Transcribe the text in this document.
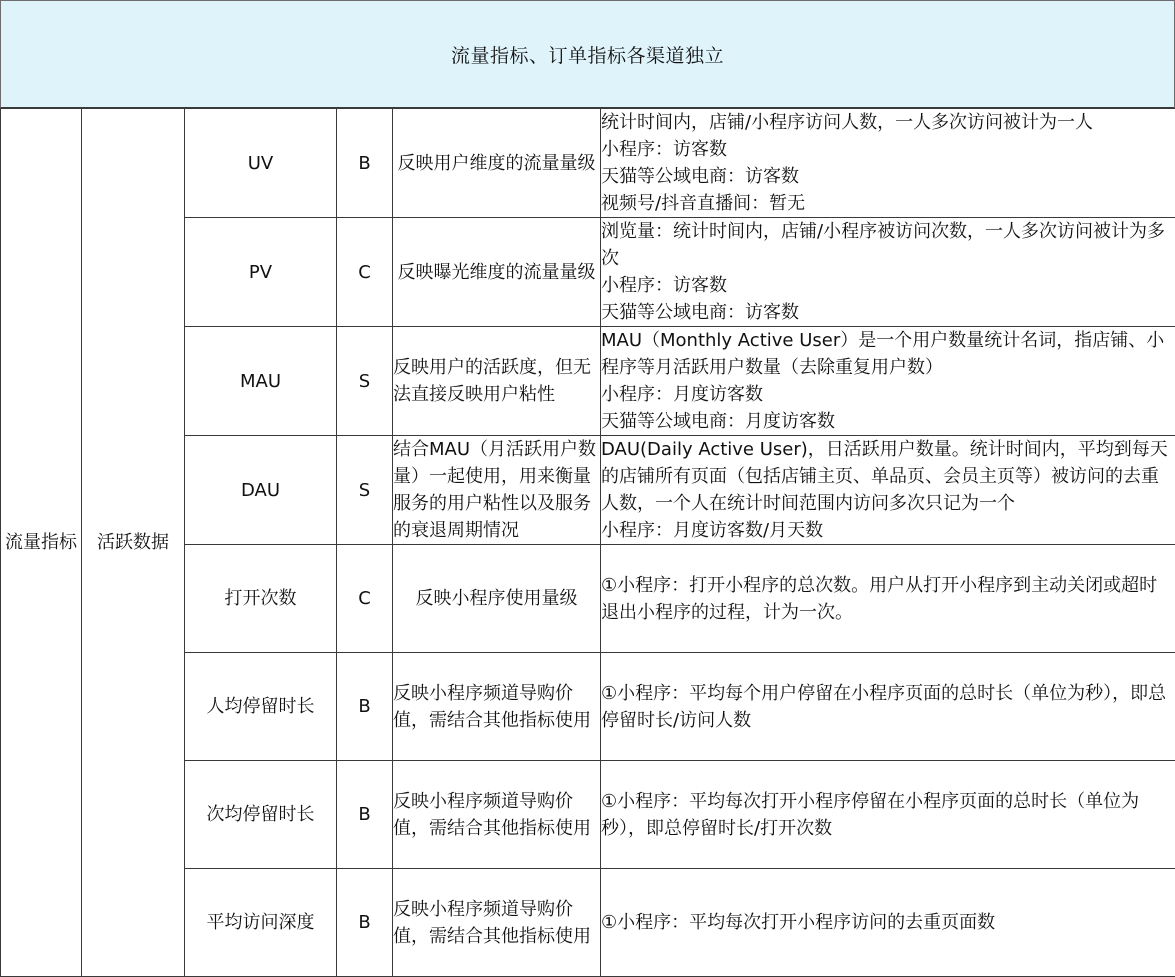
流量指标、订单指标各渠道独立
流量指标	活跃数据	UV	B	反映用户维度的流量量级	统计时间内，店铺/小程序访问人数，一人多次访问被计为一人
小程序：访客数
天猫等公域电商：访客数
视频号/抖音直播间：暂无

		PV	C	反映曝光维度的流量量级	浏览量：统计时间内，店铺/小程序被访问次数，一人多次访问被计为多次
小程序：访客数
天猫等公域电商：访客数

		MAU	S	反映用户的活跃度，但无法直接反映用户粘性	MAU（Monthly Active User）是一个用户数量统计名词，指店铺、小程序等月活跃用户数量（去除重复用户数）
小程序：月度访客数
天猫等公域电商：月度访客数

		DAU	S	结合MAU（月活跃用户数量）一起使用，用来衡量服务的用户粘性以及服务的衰退周期情况	DAU(Daily Active User)，日活跃用户数量。统计时间内，平均到每天的店铺所有页面（包括店铺主页、单品页、会员主页等）被访问的去重人数，一个人在统计时间范围内访问多次只记为一个
小程序：月度访客数/月天数

		打开次数	C	反映小程序使用量级	①小程序：打开小程序的总次数。用户从打开小程序到主动关闭或超时退出小程序的过程，计为一次。

		人均停留时长	B	反映小程序频道导购价值，需结合其他指标使用	①小程序：平均每个用户停留在小程序页面的总时长（单位为秒），即总停留时长/访问人数

		次均停留时长	B	反映小程序频道导购价值，需结合其他指标使用	①小程序：平均每次打开小程序停留在小程序页面的总时长（单位为秒），即总停留时长/打开次数

		平均访问深度	B	反映小程序频道导购价值，需结合其他指标使用	①小程序：平均每次打开小程序访问的去重页面数
